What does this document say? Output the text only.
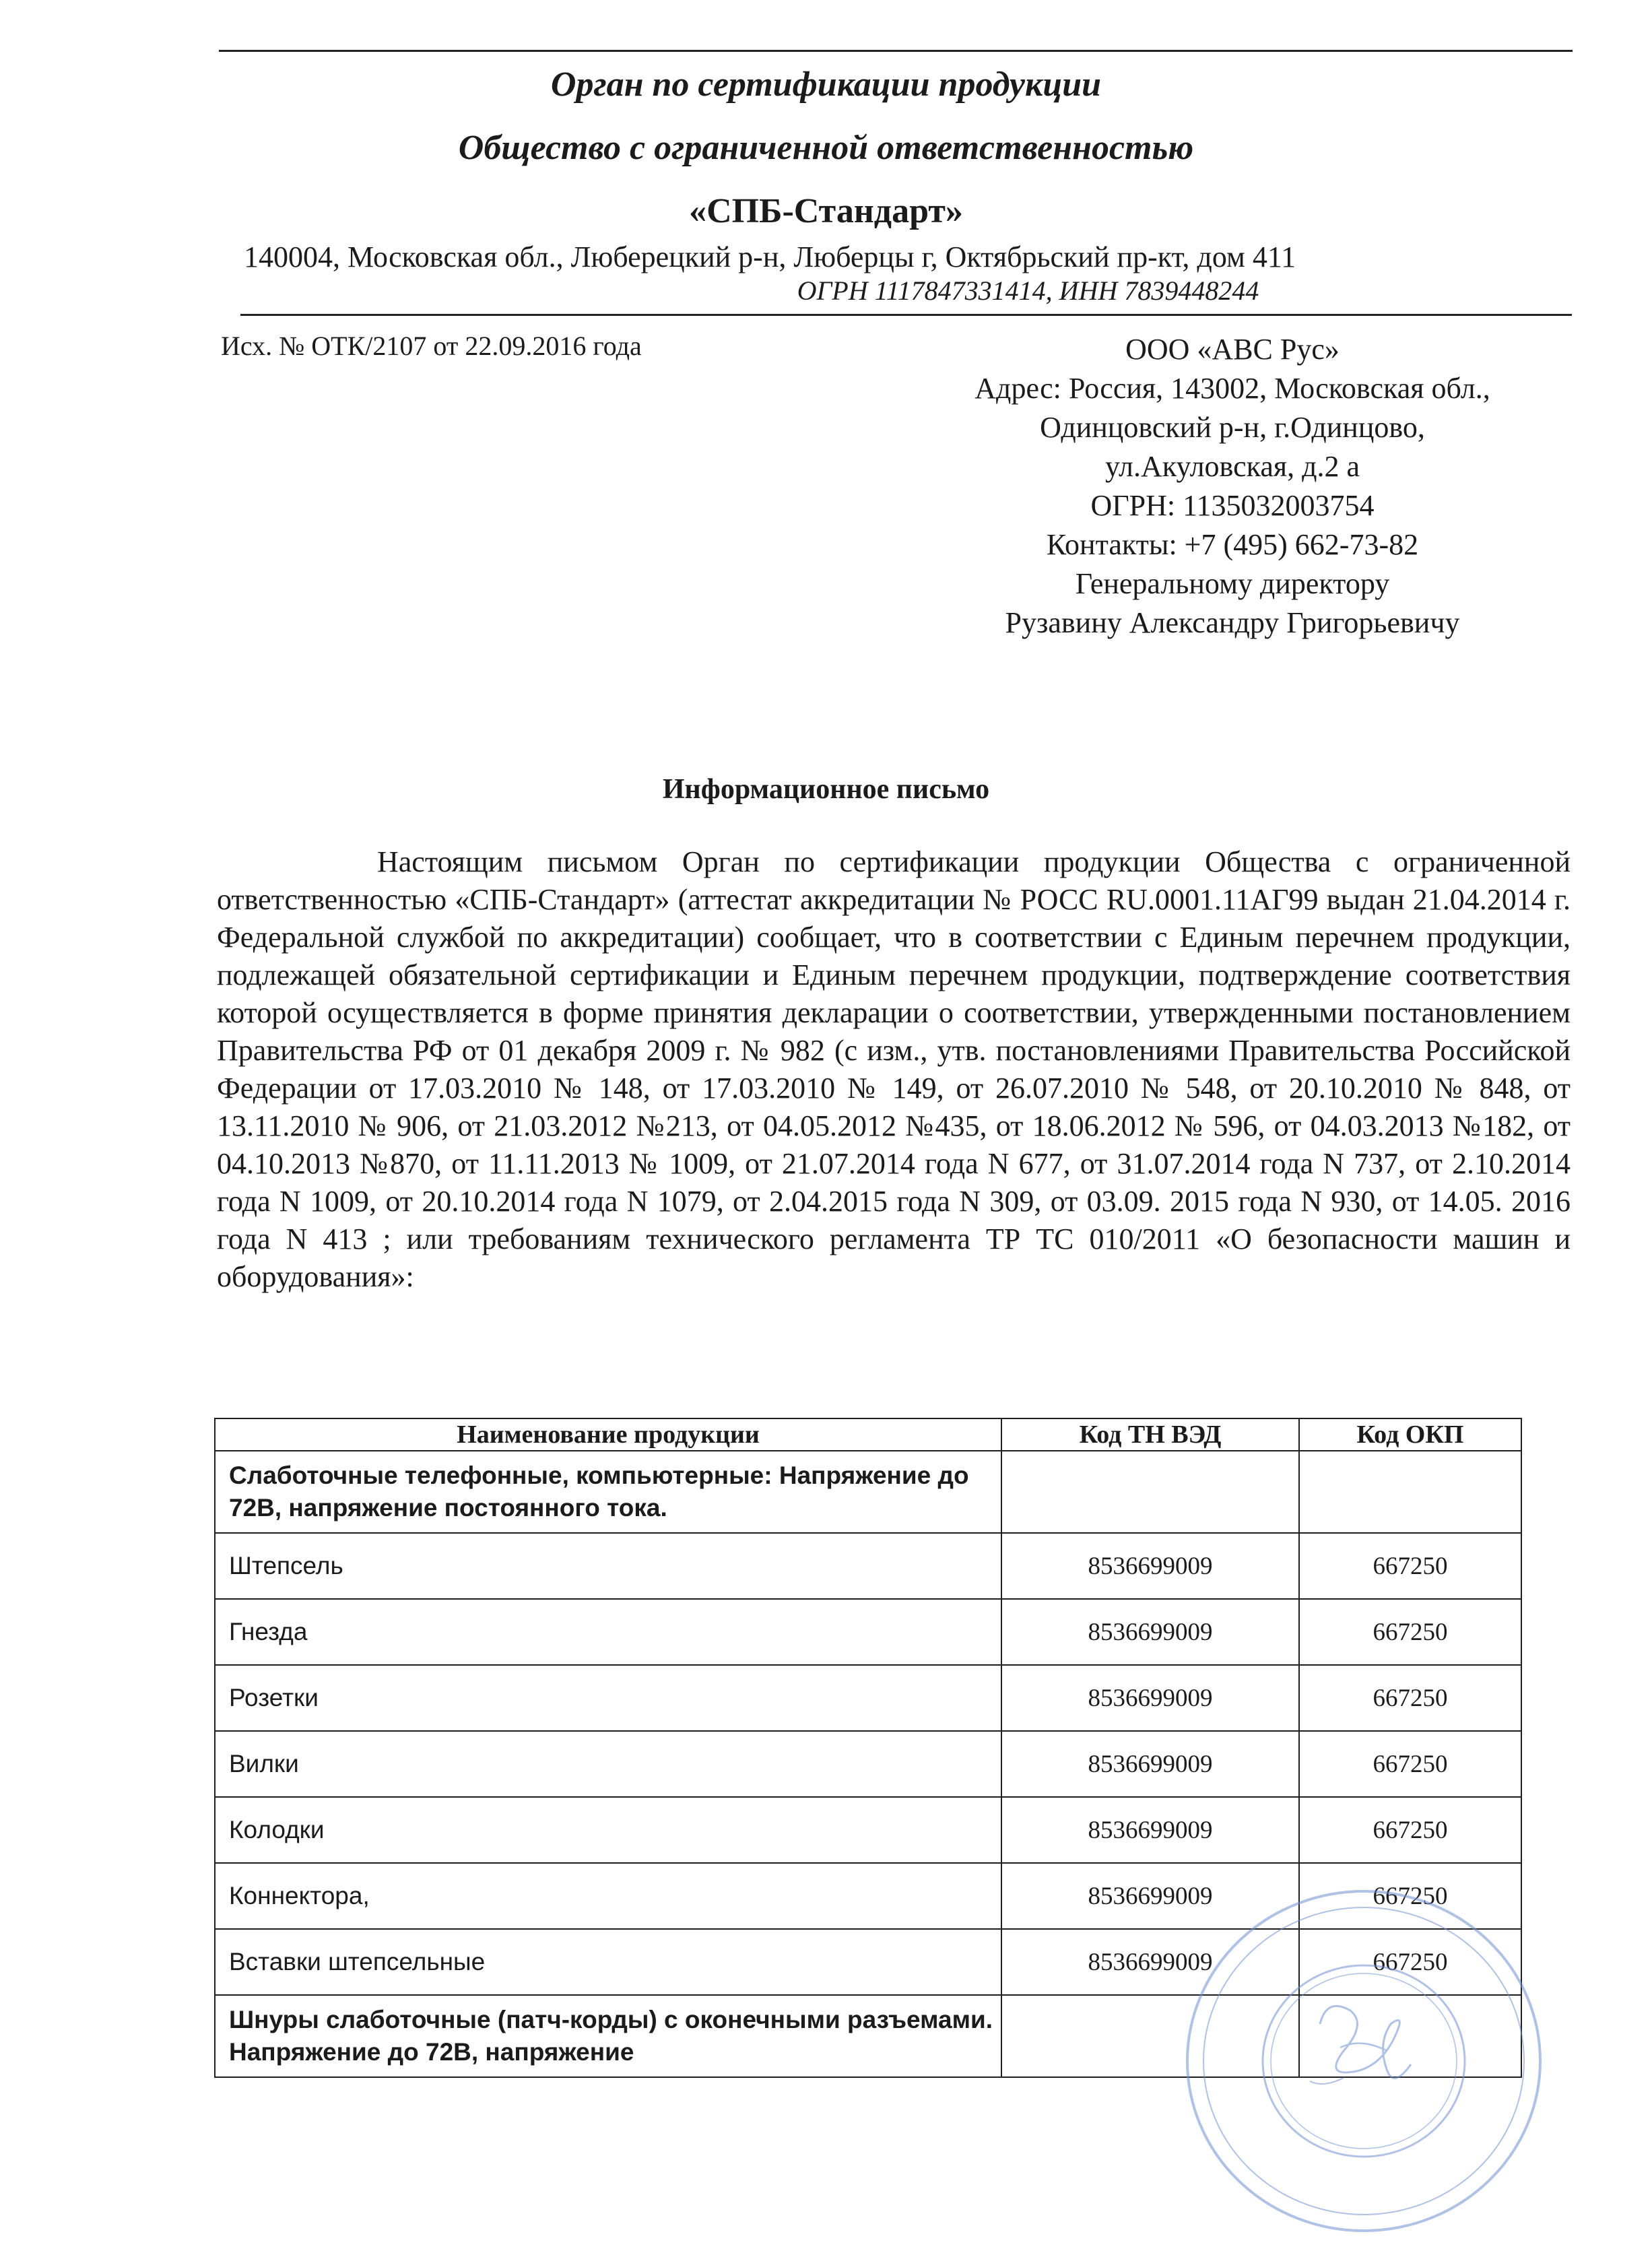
Орган по сертификации продукции
Общество с ограниченной ответственностью
«СПБ-Стандарт»
140004, Московская обл., Люберецкий р-н, Люберцы г, Октябрьский пр-кт, дом 411
ОГРН 1117847331414, ИНН 7839448244
Исх. № ОТК/2107 от 22.09.2016 года	ООО «АВС Рус»
Адрес: Россия, 143002, Московская обл.,
Одинцовский р-н, г.Одинцово,
ул.Акуловская, д.2 а
ОГРН: 1135032003754
Контакты: +7 (495) 662-73-82
Генеральному директору
Рузавину Александру Григорьевичу
Информационное письмо
Настоящим письмом Орган по сертификации продукции Общества с ограниченной ответственностью «СПБ-Стандарт» (аттестат аккредитации № РОСС RU.0001.11АГ99 выдан 21.04.2014 г. Федеральной службой по аккредитации) сообщает, что в соответствии с Единым перечнем продукции, подлежащей обязательной сертификации и Единым перечнем продукции, подтверждение соответствия которой осуществляется в форме принятия декларации о соответствии, утвержденными постановлением Правительства РФ от 01 декабря 2009 г. № 982 (с изм., утв. постановлениями Правительства Российской Федерации от 17.03.2010 № 148, от 17.03.2010 № 149, от 26.07.2010 № 548, от 20.10.2010 № 848, от 13.11.2010 № 906, от 21.03.2012 №213, от 04.05.2012 №435, от 18.06.2012 № 596, от 04.03.2013 №182, от 04.10.2013 №870, от 11.11.2013 № 1009, от 21.07.2014 года N 677, от 31.07.2014 года N 737, от 2.10.2014 года N 1009, от 20.10.2014 года N 1079, от 2.04.2015 года N 309, от 03.09. 2015 года N 930, от 14.05. 2016 года N 413 ; или требованиям технического регламента ТР ТС 010/2011 «О безопасности машин и оборудования»:
Наименование продукции	Код ТН ВЭД	Код ОКП
Слаботочные телефонные, компьютерные: Напряжение до 72В, напряжение постоянного тока.		
Штепсель	8536699009	667250
Гнезда	8536699009	667250
Розетки	8536699009	667250
Вилки	8536699009	667250
Колодки	8536699009	667250
Коннектора,	8536699009	667250
Вставки штепсельные	8536699009	667250
Шнуры слаботочные (патч-корды) с оконечными разъемами. Напряжение до 72В, напряжение		
